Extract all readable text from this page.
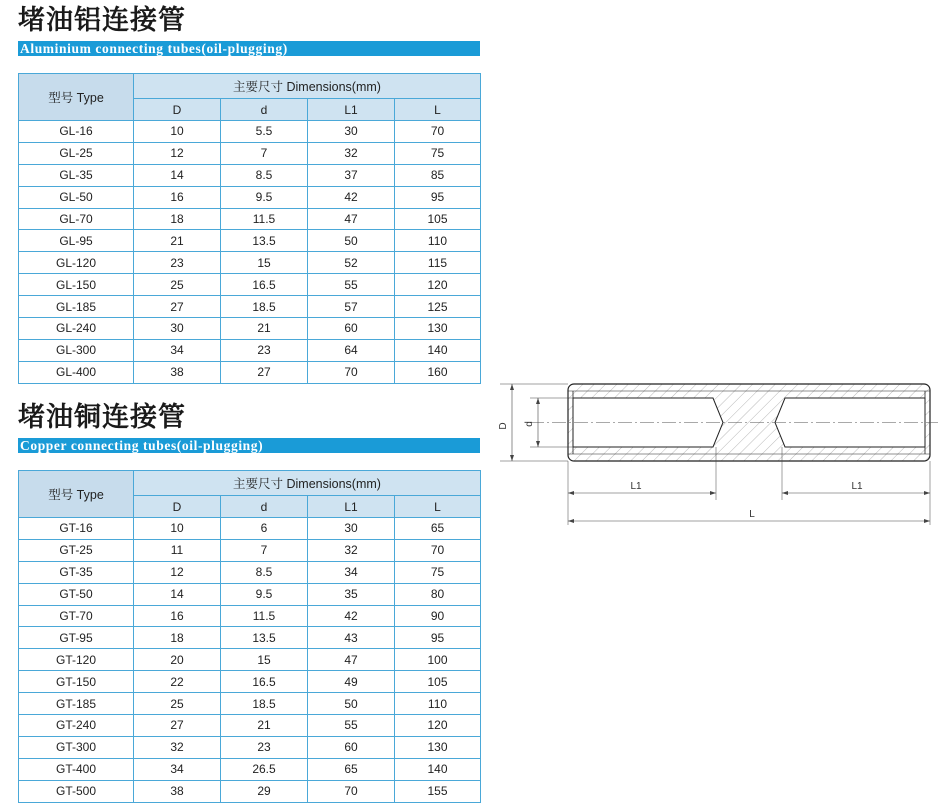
堵油铝连接管
Aluminium connecting tubes(oil-plugging)
型号 Type	主要尺寸 Dimensions(mm)			
	D	d	L1	L
GL-16	10	5.5	30	70
GL-25	12	7	32	75
GL-35	14	8.5	37	85
GL-50	16	9.5	42	95
GL-70	18	11.5	47	105
GL-95	21	13.5	50	110
GL-120	23	15	52	115
GL-150	25	16.5	55	120
GL-185	27	18.5	57	125
GL-240	30	21	60	130
GL-300	34	23	64	140
GL-400	38	27	70	160
堵油铜连接管
Copper connecting tubes(oil-plugging)
型号 Type	主要尺寸 Dimensions(mm)			
	D	d	L1	L
GT-16	10	6	30	65
GT-25	11	7	32	70
GT-35	12	8.5	34	75
GT-50	14	9.5	35	80
GT-70	16	11.5	42	90
GT-95	18	13.5	43	95
GT-120	20	15	47	100
GT-150	22	16.5	49	105
GT-185	25	18.5	50	110
GT-240	27	21	55	120
GT-300	32	23	60	130
GT-400	34	26.5	65	140
GT-500	38	29	70	155
D d
L1	L1
L
